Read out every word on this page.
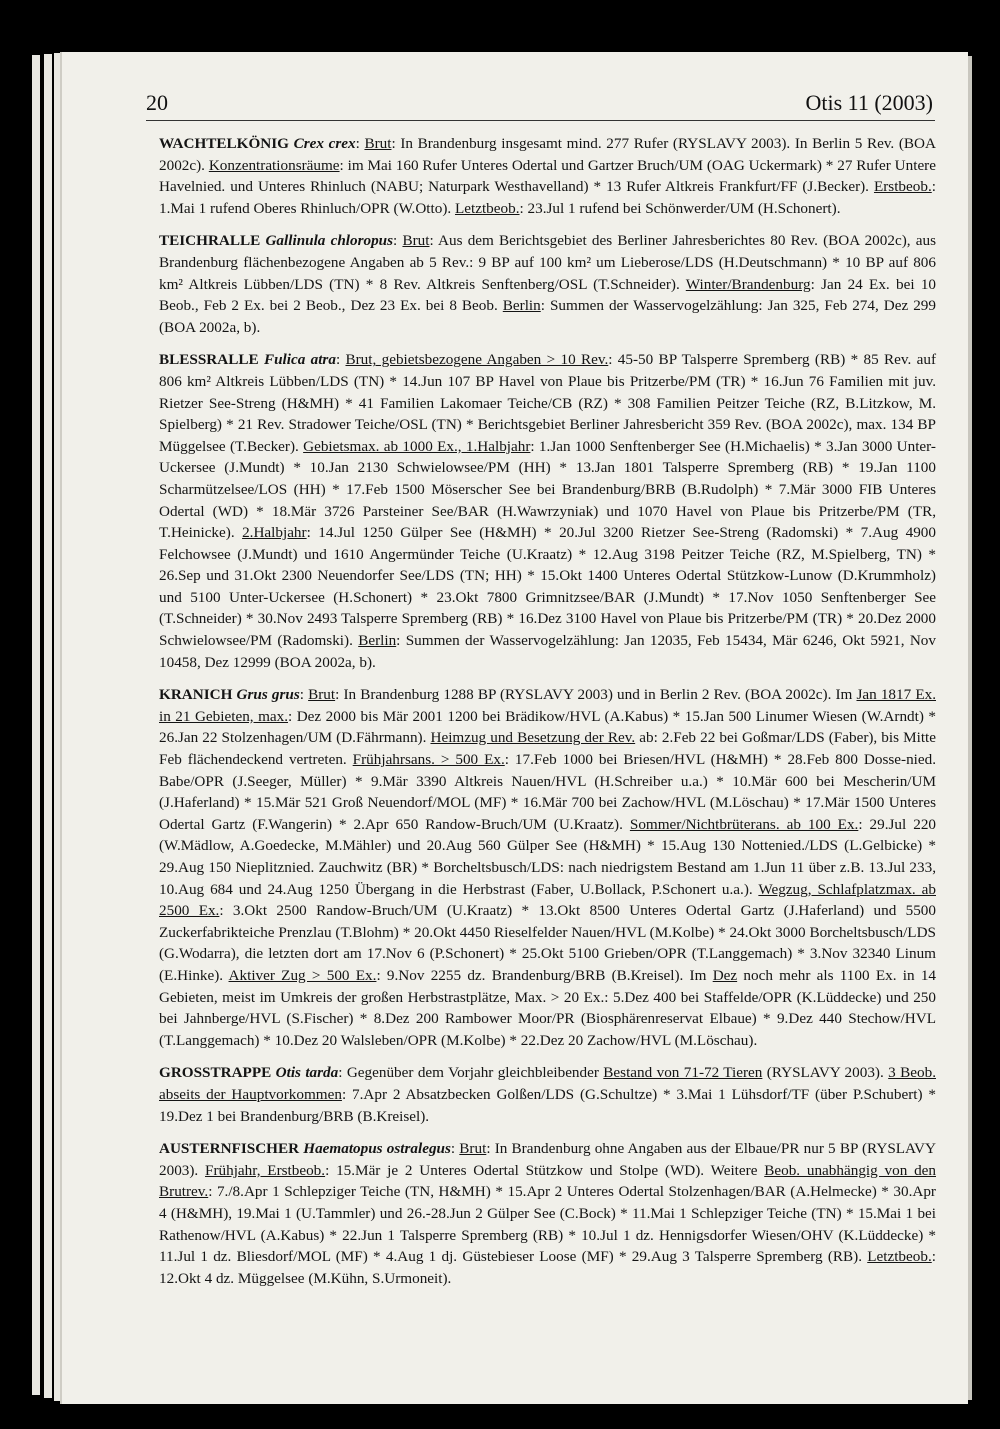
20	Otis 11 (2003)

WACHTELKÖNIG Crex crex: Brut: In Brandenburg insgesamt mind. 277 Rufer (RYSLAVY 2003). In Berlin 5 Rev. (BOA 2002c). Konzentrationsräume: im Mai 160 Rufer Unteres Odertal und Gartzer Bruch/UM (OAG Uckermark) * 27 Rufer Untere Havelnied. und Unteres Rhinluch (NABU; Naturpark Westhavelland) * 13 Rufer Altkreis Frankfurt/FF (J.Becker). Erstbeob.: 1.Mai 1 rufend Oberes Rhinluch/OPR (W.Otto). Letztbeob.: 23.Jul 1 rufend bei Schönwerder/UM (H.Schonert).

TEICHRALLE Gallinula chloropus: Brut: Aus dem Berichtsgebiet des Berliner Jahresberichtes 80 Rev. (BOA 2002c), aus Brandenburg flächenbezogene Angaben ab 5 Rev.: 9 BP auf 100 km² um Lieberose/LDS (H.Deutschmann) * 10 BP auf 806 km² Altkreis Lübben/LDS (TN) * 8 Rev. Altkreis Senftenberg/OSL (T.Schneider). Winter/Brandenburg: Jan 24 Ex. bei 10 Beob., Feb 2 Ex. bei 2 Beob., Dez 23 Ex. bei 8 Beob. Berlin: Summen der Wasservogelzählung: Jan 325, Feb 274, Dez 299 (BOA 2002a, b).

BLESSRALLE Fulica atra: Brut, gebietsbezogene Angaben > 10 Rev.: 45-50 BP Talsperre Spremberg (RB) * 85 Rev. auf 806 km² Altkreis Lübben/LDS (TN) * 14.Jun 107 BP Havel von Plaue bis Pritzerbe/PM (TR) * 16.Jun 76 Familien mit juv. Rietzer See-Streng (H&MH) * 41 Familien Lakomaer Teiche/CB (RZ) * 308 Familien Peitzer Teiche (RZ, B.Litzkow, M. Spielberg) * 21 Rev. Stradower Teiche/OSL (TN) * Berichtsgebiet Berliner Jahresbericht 359 Rev. (BOA 2002c), max. 134 BP Müggelsee (T.Becker). Gebietsmax. ab 1000 Ex., 1.Halbjahr: 1.Jan 1000 Senftenberger See (H.Michaelis) * 3.Jan 3000 Unter-Uckersee (J.Mundt) * 10.Jan 2130 Schwielowsee/PM (HH) * 13.Jan 1801 Talsperre Spremberg (RB) * 19.Jan 1100 Scharmützelsee/LOS (HH) * 17.Feb 1500 Möserscher See bei Brandenburg/BRB (B.Rudolph) * 7.Mär 3000 FIB Unteres Odertal (WD) * 18.Mär 3726 Parsteiner See/BAR (H.Wawrzyniak) und 1070 Havel von Plaue bis Pritzerbe/PM (TR, T.Heinicke). 2.Halbjahr: 14.Jul 1250 Gülper See (H&MH) * 20.Jul 3200 Rietzer See-Streng (Radomski) * 7.Aug 4900 Felchowsee (J.Mundt) und 1610 Angermünder Teiche (U.Kraatz) * 12.Aug 3198 Peitzer Teiche (RZ, M.Spielberg, TN) * 26.Sep und 31.Okt 2300 Neuendorfer See/LDS (TN; HH) * 15.Okt 1400 Unteres Odertal Stützkow-Lunow (D.Krummholz) und 5100 Unter-Uckersee (H.Schonert) * 23.Okt 7800 Grimnitzsee/BAR (J.Mundt) * 17.Nov 1050 Senftenberger See (T.Schneider) * 30.Nov 2493 Talsperre Spremberg (RB) * 16.Dez 3100 Havel von Plaue bis Pritzerbe/PM (TR) * 20.Dez 2000 Schwielowsee/PM (Radomski). Berlin: Summen der Wasservogelzählung: Jan 12035, Feb 15434, Mär 6246, Okt 5921, Nov 10458, Dez 12999 (BOA 2002a, b).

KRANICH Grus grus: Brut: In Brandenburg 1288 BP (RYSLAVY 2003) und in Berlin 2 Rev. (BOA 2002c). Im Jan 1817 Ex. in 21 Gebieten, max.: Dez 2000 bis Mär 2001 1200 bei Brädikow/HVL (A.Kabus) * 15.Jan 500 Linumer Wiesen (W.Arndt) * 26.Jan 22 Stolzenhagen/UM (D.Fährmann). Heimzug und Besetzung der Rev. ab: 2.Feb 22 bei Goßmar/LDS (Faber), bis Mitte Feb flächendeckend vertreten. Frühjahrsans. > 500 Ex.: 17.Feb 1000 bei Briesen/HVL (H&MH) * 28.Feb 800 Dosse-nied. Babe/OPR (J.Seeger, Müller) * 9.Mär 3390 Altkreis Nauen/HVL (H.Schreiber u.a.) * 10.Mär 600 bei Mescherin/UM (J.Haferland) * 15.Mär 521 Groß Neuendorf/MOL (MF) * 16.Mär 700 bei Zachow/HVL (M.Löschau) * 17.Mär 1500 Unteres Odertal Gartz (F.Wangerin) * 2.Apr 650 Randow-Bruch/UM (U.Kraatz). Sommer/Nichtbrüterans. ab 100 Ex.: 29.Jul 220 (W.Mädlow, A.Goedecke, M.Mähler) und 20.Aug 560 Gülper See (H&MH) * 15.Aug 130 Nottenied./LDS (L.Gelbicke) * 29.Aug 150 Nieplitznied. Zauchwitz (BR) * Borcheltsbusch/LDS: nach niedrigstem Bestand am 1.Jun 11 über z.B. 13.Jul 233, 10.Aug 684 und 24.Aug 1250 Übergang in die Herbstrast (Faber, U.Bollack, P.Schonert u.a.). Wegzug, Schlafplatzmax. ab 2500 Ex.: 3.Okt 2500 Randow-Bruch/UM (U.Kraatz) * 13.Okt 8500 Unteres Odertal Gartz (J.Haferland) und 5500 Zuckerfabrikteiche Prenzlau (T.Blohm) * 20.Okt 4450 Rieselfelder Nauen/HVL (M.Kolbe) * 24.Okt 3000 Borcheltsbusch/LDS (G.Wodarra), die letzten dort am 17.Nov 6 (P.Schonert) * 25.Okt 5100 Grieben/OPR (T.Langgemach) * 3.Nov 32340 Linum (E.Hinke). Aktiver Zug > 500 Ex.: 9.Nov 2255 dz. Brandenburg/BRB (B.Kreisel). Im Dez noch mehr als 1100 Ex. in 14 Gebieten, meist im Umkreis der großen Herbstrastplätze, Max. > 20 Ex.: 5.Dez 400 bei Staffelde/OPR (K.Lüddecke) und 250 bei Jahnberge/HVL (S.Fischer) * 8.Dez 200 Rambower Moor/PR (Biosphärenreservat Elbaue) * 9.Dez 440 Stechow/HVL (T.Langgemach) * 10.Dez 20 Walsleben/OPR (M.Kolbe) * 22.Dez 20 Zachow/HVL (M.Löschau).

GROSSTRAPPE Otis tarda: Gegenüber dem Vorjahr gleichbleibender Bestand von 71-72 Tieren (RYSLAVY 2003). 3 Beob. abseits der Hauptvorkommen: 7.Apr 2 Absatzbecken Golßen/LDS (G.Schultze) * 3.Mai 1 Lühsdorf/TF (über P.Schubert) * 19.Dez 1 bei Brandenburg/BRB (B.Kreisel).

AUSTERNFISCHER Haematopus ostralegus: Brut: In Brandenburg ohne Angaben aus der Elbaue/PR nur 5 BP (RYSLAVY 2003). Frühjahr, Erstbeob.: 15.Mär je 2 Unteres Odertal Stützkow und Stolpe (WD). Weitere Beob. unabhängig von den Brutrev.: 7./8.Apr 1 Schlepziger Teiche (TN, H&MH) * 15.Apr 2 Unteres Odertal Stolzenhagen/BAR (A.Helmecke) * 30.Apr 4 (H&MH), 19.Mai 1 (U.Tammler) und 26.-28.Jun 2 Gülper See (C.Bock) * 11.Mai 1 Schlepziger Teiche (TN) * 15.Mai 1 bei Rathenow/HVL (A.Kabus) * 22.Jun 1 Talsperre Spremberg (RB) * 10.Jul 1 dz. Hennigsdorfer Wiesen/OHV (K.Lüddecke) * 11.Jul 1 dz. Bliesdorf/MOL (MF) * 4.Aug 1 dj. Güstebieser Loose (MF) * 29.Aug 3 Talsperre Spremberg (RB). Letztbeob.: 12.Okt 4 dz. Müggelsee (M.Kühn, S.Urmoneit).
